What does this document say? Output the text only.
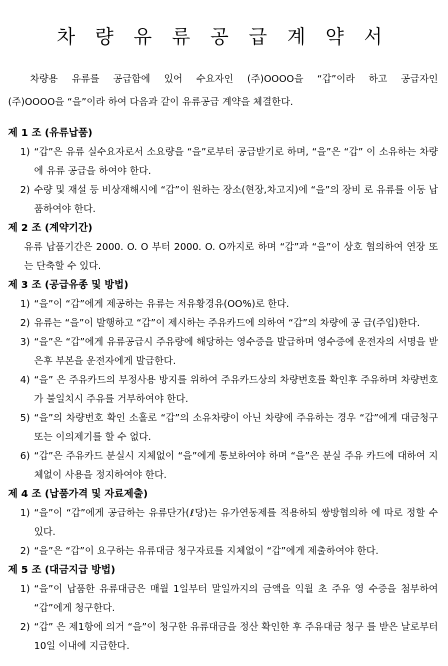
차 량 유 류 공 급 계 약 서

차량용 유류를 공급함에 있어 수요자인 (주)OOOO을 “갑”이라 하고 공급자인

(주)OOOO을 “을”이라 하여 다음과 같이 유류공급 계약을 체결한다.

제 1 조 (유류납품)
1) “갑”은 유류 실수요자로서 소요량을 “을”로부터 공급받기로 하며, “을”은 “갑” 이 소유하는 차량에 유류 공급을 하여야 한다.
2) 수량 및 재설 등 비상재해시에 “갑”이 원하는 장소(현장,차고지)에 “을”의 장비 로 유류를 이동 납품하여야 한다.
제 2 조 (계약기간)
유류 납품기간은 2000. O. O 부터 2000. O. O까지로 하며 “갑”과 “을”이 상호 협의하여 연장 또는 단축할 수 있다.
제 3 조 (공급유종 및 방법)
1) “을”이 “갑”에게 제공하는 유류는 저유황경유(OO%)로 한다.
2) 유류는 “을”이 발행하고 “갑”이 제시하는 주유카드에 의하여 “갑”의 차량에 공 급(주입)한다.
3) “을”은 “갑”에게 유류공급시 주유량에 해당하는 영수증을 발급하며 영수증에 운전자의 서명을 받은후 부본을 운전자에게 발급한다.
4) “을” 은 주유카드의 부정사용 방지를 위하여 주유카드상의 차량번호를 확인후 주유하며 차량번호가 불일치시 주유를 거부하여야 한다.
5) “을”의 차량번호 확인 소홀로 “갑”의 소유차량이 아닌 차량에 주유하는 경우 “갑”에게 대금청구 또는 이의제기를 할 수 없다.
6) “갑”은 주유카드 분실시 지체없이 “을”에게 통보하여야 하며 “을”은 분실 주유 카드에 대하여 지체없이 사용을 정지하여야 한다.
제 4 조 (납품가격 및 자료제출)
1) “을”이 “갑”에게 공급하는 유류단가(ℓ당)는 유가연동제를 적용하되 쌍방협의하 에 따로 정할 수 있다.
2) “을”은 “갑”이 요구하는 유류대금 청구자료를 지체없이 “갑”에게 제출하여야 한다.
제 5 조 (대금지급 방법)
1) “을”이 납품한 유류대금은 매월 1일부터 말일까지의 금액을 익월 초 주유 영 수증을 첨부하여 “갑”에게 청구한다.
2) “갑” 은 제1항에 의거 “을”이 청구한 유류대금을 정산 확인한 후 주유대금 청구 를 받은 날로부터 10일 이내에 지급한다.
